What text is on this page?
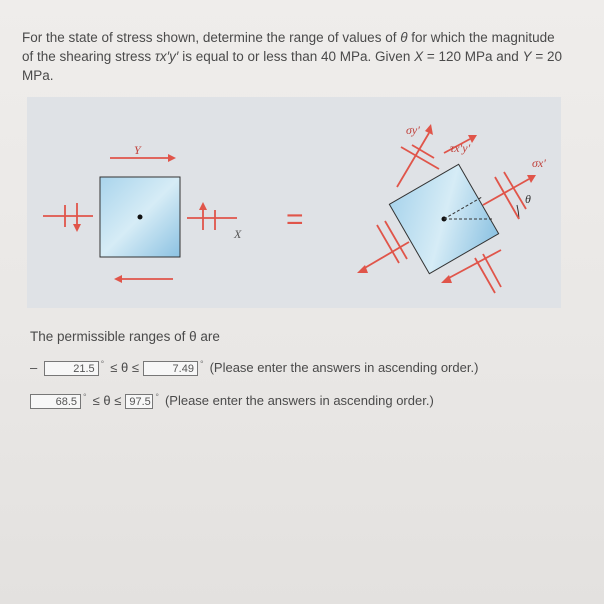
For the state of stress shown, determine the range of values of θ for which the magnitude of the shearing stress τx′y′ is equal to or less than 40 MPa. Given X = 120 MPa and Y = 20 MPa.
Y
X =
σy′
τx′y′
σx′
θ
The permissible ranges of θ are
–	21.5 ° ≤ θ ≤	7.49 ° (Please enter the answers in ascending order.)
68.5 ° ≤ θ ≤ 97.5 ° (Please enter the answers in ascending order.)
